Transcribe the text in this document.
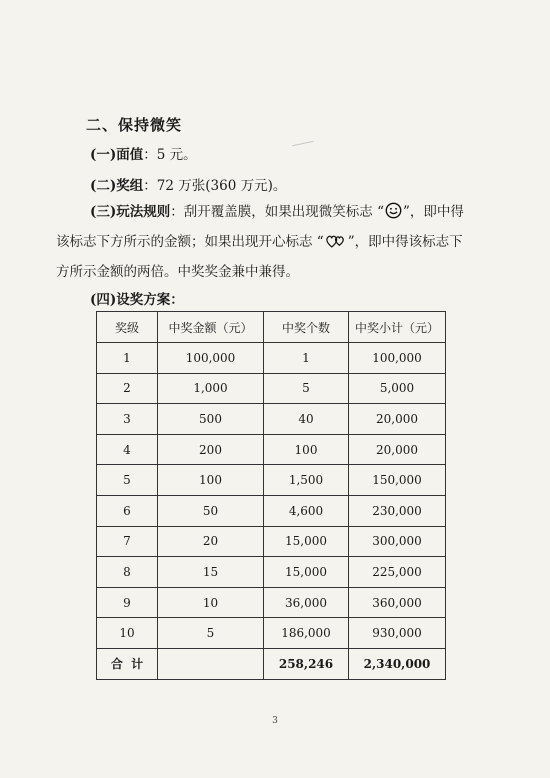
二、保持微笑
(一)面值：5 元。
(二)奖组：72 万张(360 万元)。
(三)玩法规则：刮开覆盖膜，如果出现微笑标志 “ ”，即中得该标志下方所示的金额；如果出现开心标志 “ ”，即中得该标志下方所示金额的两倍。中奖奖金兼中兼得。
(四)设奖方案：
奖级	中奖金额（元）	中奖个数	中奖小计（元）
1	100,000	1	100,000
2	1,000	5	5,000
3	500	40	20,000
4	200	100	20,000
5	100	1,500	150,000
6	50	4,600	230,000
7	20	15,000	300,000
8	15	15,000	225,000
9	10	36,000	360,000
10	5	186,000	930,000
合  计		258,246	2,340,000
3
